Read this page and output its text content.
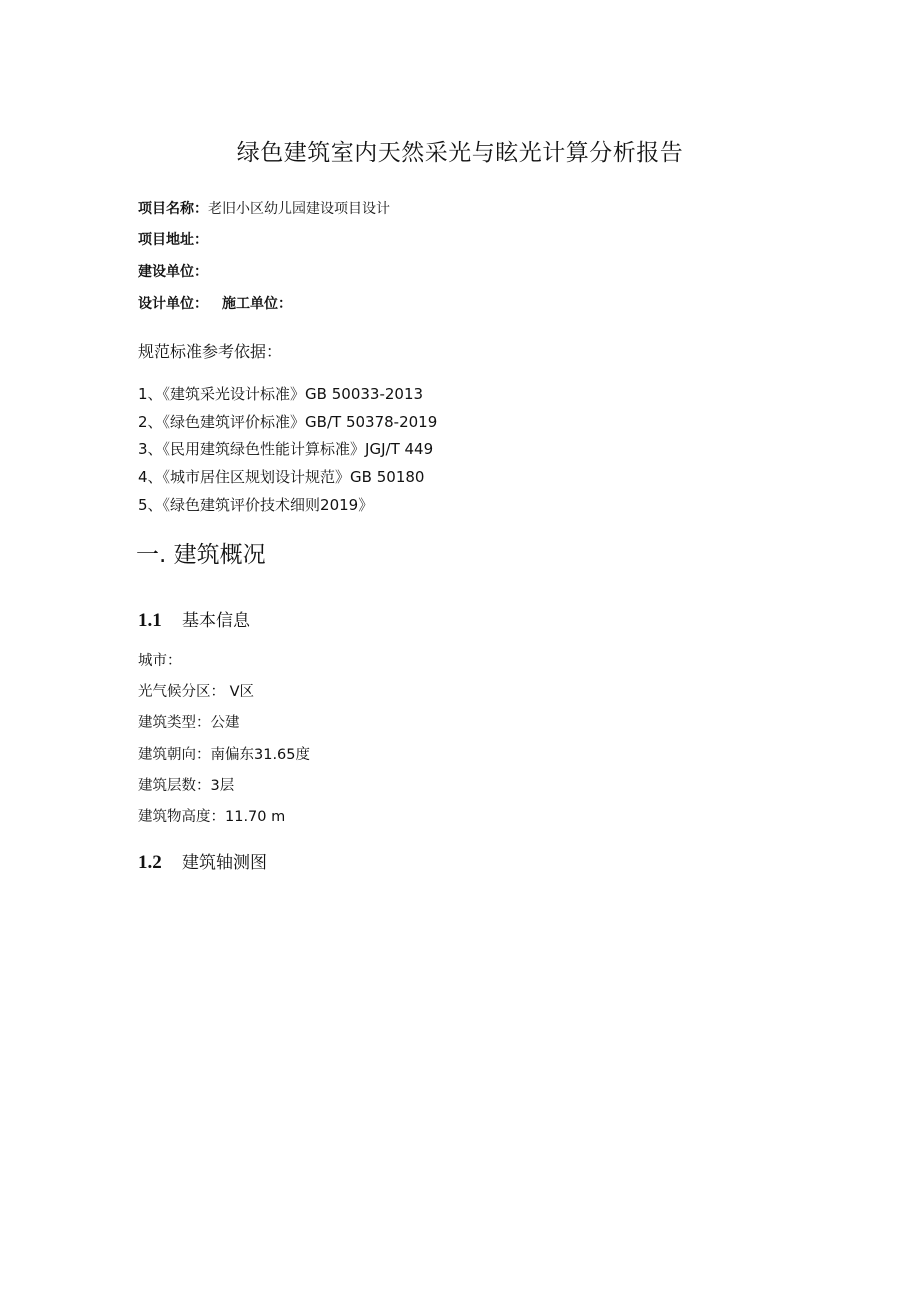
绿色建筑室内天然采光与眩光计算分析报告
项目名称：老旧小区幼儿园建设项目设计
项目地址：
建设单位：
设计单位： 施工单位：
规范标准参考依据：
1、《建筑采光设计标准》GB 50033-2013
2、《绿色建筑评价标准》GB/T 50378-2019
3、《民用建筑绿色性能计算标准》JGJ/T 449
4、《城市居住区规划设计规范》GB 50180
5、《绿色建筑评价技术细则2019》
一. 建筑概况
1.1 基本信息
城市：
光气候分区： V区
建筑类型：公建
建筑朝向：南偏东31.65度
建筑层数：3层
建筑物高度：11.70 m
1.2 建筑轴测图
